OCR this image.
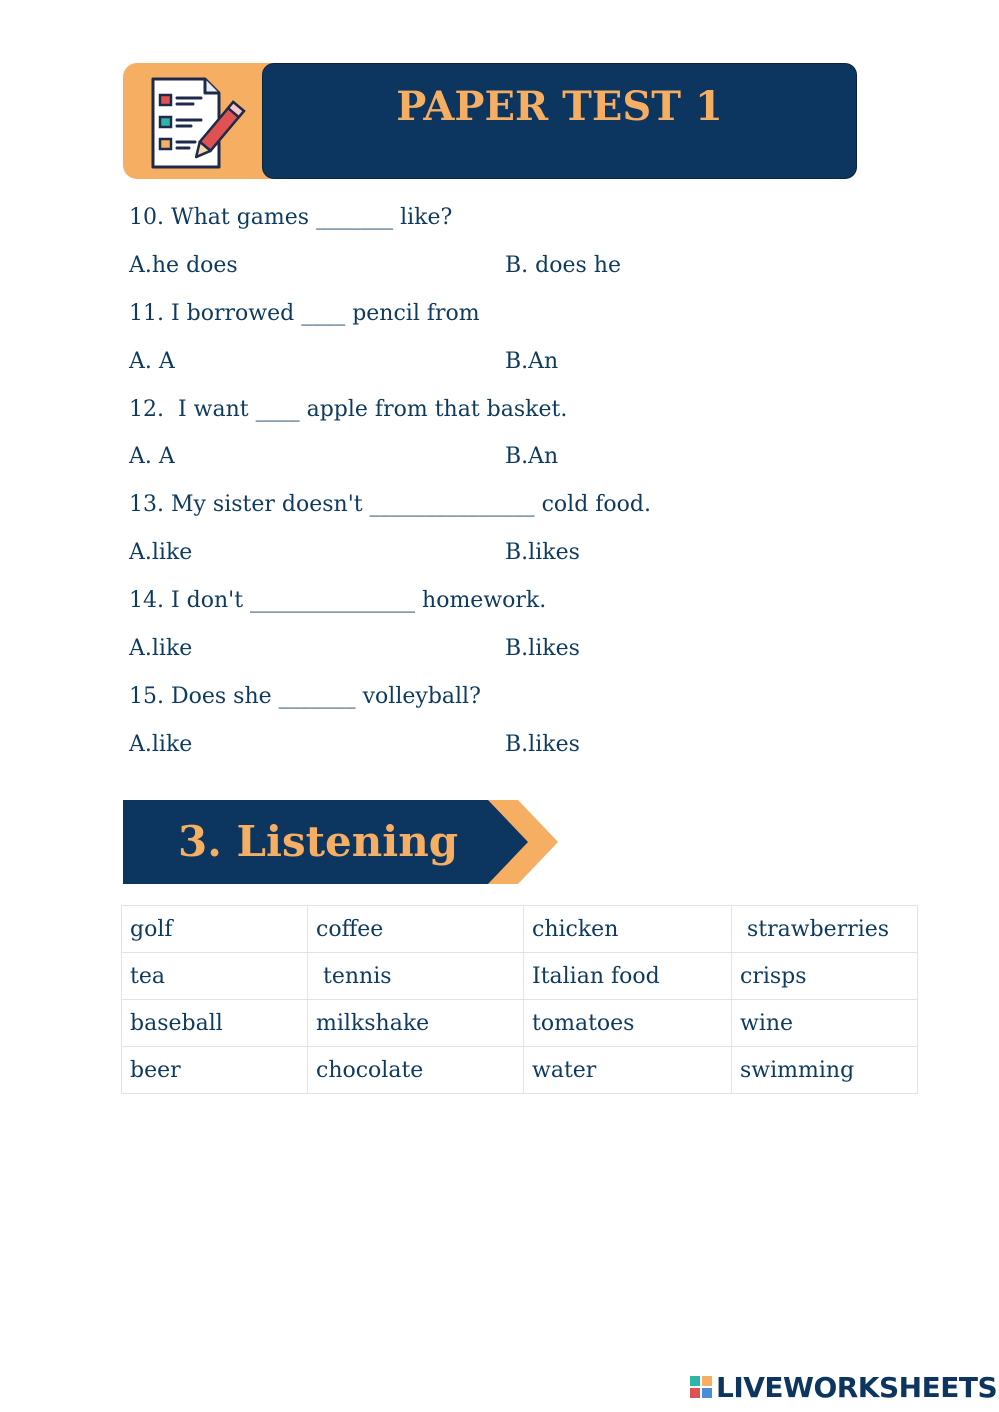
PAPER TEST 1
10. What games _______ like?
A.he does	B. does he
11. I borrowed ____ pencil from
A. A	B.An
12.  I want ____ apple from that basket.
A. A	B.An
13. My sister doesn't _______________ cold food.
A.like	B.likes
14. I don't _______________ homework.
A.like	B.likes
15. Does she _______ volleyball?
A.like	B.likes
3. Listening
golf	coffee	chicken	strawberries
tea	tennis	Italian food	crisps
baseball	milkshake	tomatoes	wine
beer	chocolate	water	swimming
LIVEWORKSHEETS
